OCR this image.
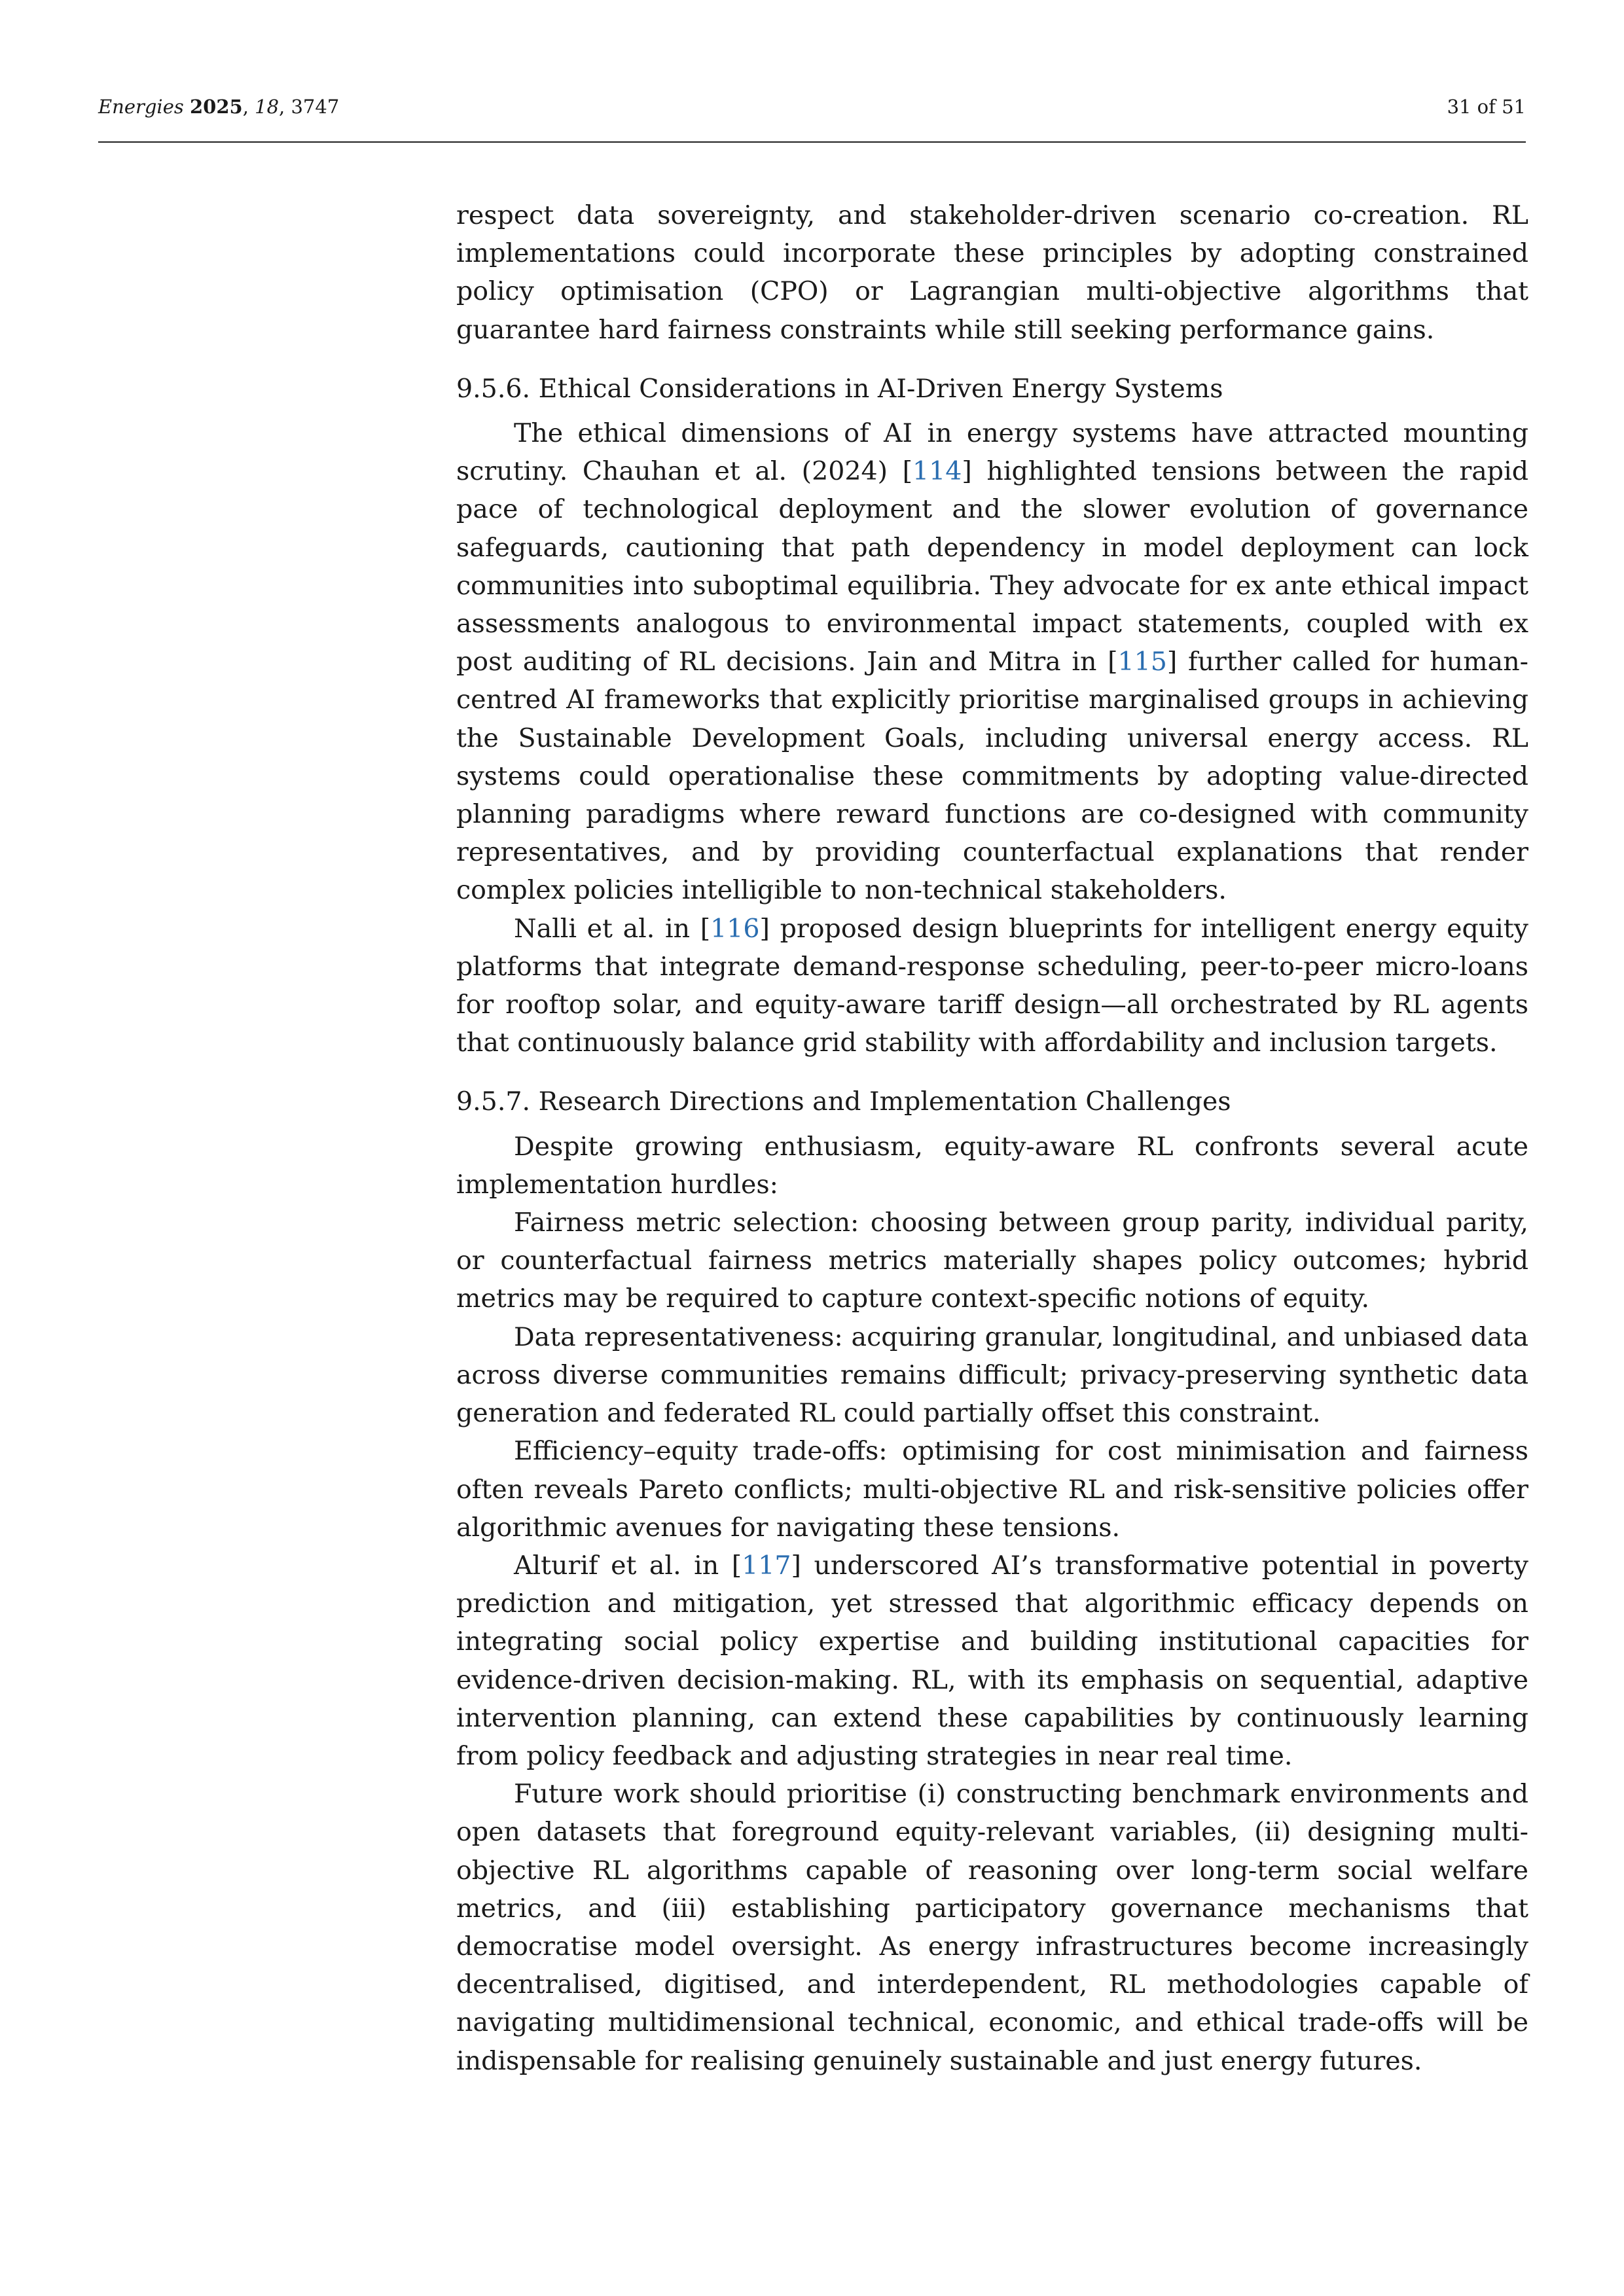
Energies 2025, 18, 3747	31 of 51

respect data sovereignty, and stakeholder-driven scenario co-creation. RL implementations could incorporate these principles by adopting constrained policy optimisation (CPO) or Lagrangian multi-objective algorithms that guarantee hard fairness constraints while still seeking performance gains.

9.5.6. Ethical Considerations in AI-Driven Energy Systems

The ethical dimensions of AI in energy systems have attracted mounting scrutiny. Chauhan et al. (2024) [114] highlighted tensions between the rapid pace of technological deployment and the slower evolution of governance safeguards, cautioning that path dependency in model deployment can lock communities into suboptimal equilibria. They advocate for ex ante ethical impact assessments analogous to environmental impact statements, coupled with ex post auditing of RL decisions. Jain and Mitra in [115] further called for human-centred AI frameworks that explicitly prioritise marginalised groups in achieving the Sustainable Development Goals, including universal energy access. RL systems could operationalise these commitments by adopting value-directed planning paradigms where reward functions are co-designed with community representatives, and by providing counterfactual explanations that render complex policies intelligible to non-technical stakeholders.

Nalli et al. in [116] proposed design blueprints for intelligent energy equity platforms that integrate demand-response scheduling, peer-to-peer micro-loans for rooftop solar, and equity-aware tariff design—all orchestrated by RL agents that continuously balance grid stability with affordability and inclusion targets.

9.5.7. Research Directions and Implementation Challenges

Despite growing enthusiasm, equity-aware RL confronts several acute implementation hurdles:

Fairness metric selection: choosing between group parity, individual parity, or counterfactual fairness metrics materially shapes policy outcomes; hybrid metrics may be required to capture context-specific notions of equity.

Data representativeness: acquiring granular, longitudinal, and unbiased data across diverse communities remains difficult; privacy-preserving synthetic data generation and federated RL could partially offset this constraint.

Efficiency–equity trade-offs: optimising for cost minimisation and fairness often reveals Pareto conflicts; multi-objective RL and risk-sensitive policies offer algorithmic avenues for navigating these tensions.

Alturif et al. in [117] underscored AI’s transformative potential in poverty prediction and mitigation, yet stressed that algorithmic efficacy depends on integrating social policy expertise and building institutional capacities for evidence-driven decision-making. RL, with its emphasis on sequential, adaptive intervention planning, can extend these capabilities by continuously learning from policy feedback and adjusting strategies in near real time.

Future work should prioritise (i) constructing benchmark environments and open datasets that foreground equity-relevant variables, (ii) designing multi-objective RL algorithms capable of reasoning over long-term social welfare metrics, and (iii) establishing participatory governance mechanisms that democratise model oversight. As energy infrastructures become increasingly decentralised, digitised, and interdependent, RL methodologies capable of navigating multidimensional technical, economic, and ethical trade-offs will be indispensable for realising genuinely sustainable and just energy futures.
